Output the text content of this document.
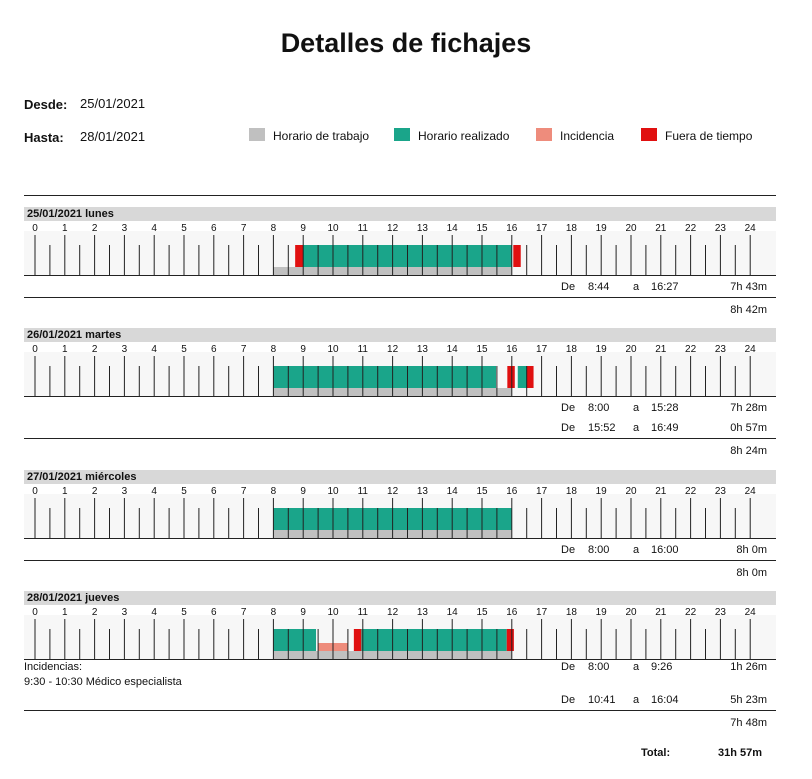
Detalles de fichajes
Desde: 25/01/2021
Hasta: 28/01/2021	Horario de trabajo	Horario realizado	Incidencia	Fuera de tiempo
25/01/2021 lunes
0 1 2 3 4 5 6 7 8 9 10 11 12 13 14 15 16 17 18 19 20 21 22 23 24
De 8:44 a 16:27	7h 43m
8h 42m
26/01/2021 martes
0 1 2 3 4 5 6 7 8 9 10 11 12 13 14 15 16 17 18 19 20 21 22 23 24
De 8:00 a 15:28	7h 28m
De 15:52 a 16:49	0h 57m
8h 24m
27/01/2021 miércoles
0 1 2 3 4 5 6 7 8 9 10 11 12 13 14 15 16 17 18 19 20 21 22 23 24
De 8:00 a 16:00	8h 0m
8h 0m
28/01/2021 jueves
0 1 2 3 4 5 6 7 8 9 10 11 12 13 14 15 16 17 18 19 20 21 22 23 24
De 8:00 a 9:26	1h 26m
De 10:41 a 16:04	5h 23m
Incidencias:
9:30 - 10:30 Médico especialista
7h 48m
Total:	31h 57m
